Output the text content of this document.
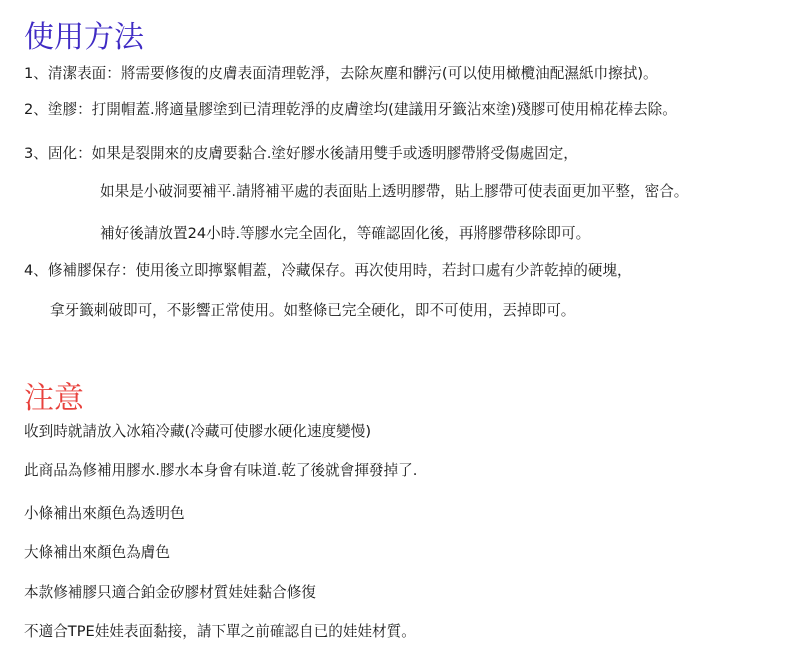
使用方法

1、清潔表面：將需要修復的皮膚表面清理乾淨，去除灰塵和髒污(可以使用橄欖油配濕紙巾擦拭)。

2、塗膠：打開帽蓋.將適量膠塗到已清理乾淨的皮膚塗均(建議用牙籤沾來塗)殘膠可使用棉花棒去除。

3、固化：如果是裂開來的皮膚要黏合.塗好膠水後請用雙手或透明膠帶將受傷處固定，

如果是小破洞要補平.請將補平處的表面貼上透明膠帶，貼上膠帶可使表面更加平整，密合。

補好後請放置24小時.等膠水完全固化，等確認固化後，再將膠帶移除即可。

4、修補膠保存：使用後立即擰緊帽蓋，冷藏保存。再次使用時，若封口處有少許乾掉的硬塊，

拿牙籤刺破即可，不影響正常使用。如整條已完全硬化，即不可使用，丟掉即可。

注意

收到時就請放入冰箱冷藏(冷藏可使膠水硬化速度變慢)

此商品為修補用膠水.膠水本身會有味道.乾了後就會揮發掉了.

小條補出來顏色為透明色

大條補出來顏色為膚色

本款修補膠只適合鉑金矽膠材質娃娃黏合修復

不適合TPE娃娃表面黏接，請下單之前確認自已的娃娃材質。
